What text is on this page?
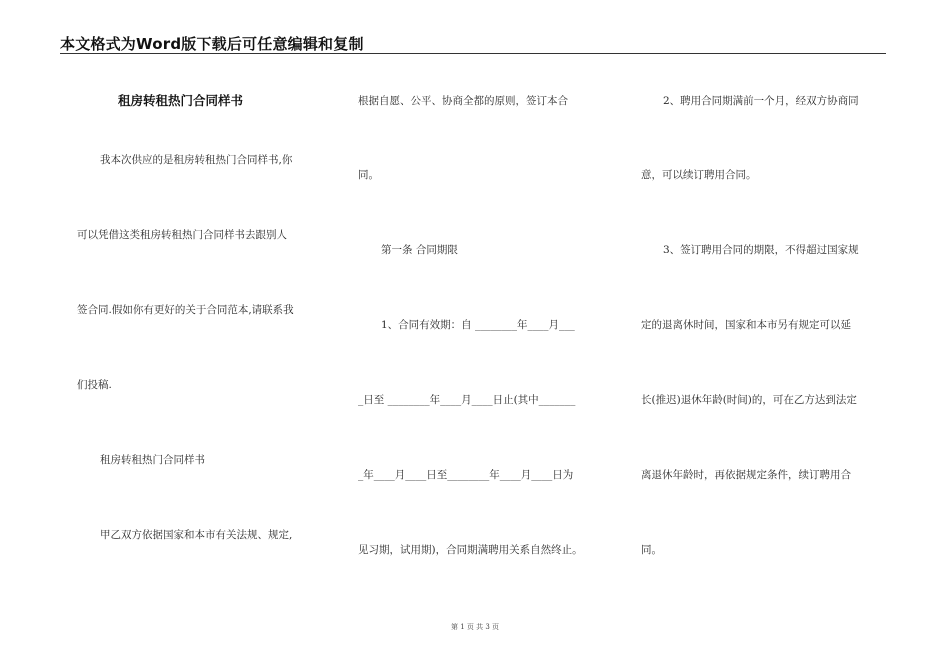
本文格式为Word版下载后可任意编辑和复制
租房转租热门合同样书
我本次供应的是租房转租热门合同样书,你
可以凭借这类租房转租热门合同样书去跟别人
签合同.假如你有更好的关于合同范本,请联系我
们投稿.
租房转租热门合同样书
甲乙双方依据国家和本市有关法规、规定,
根据自愿、公平、协商全都的原则，签订本合
同。
第一条 合同期限
1、合同有效期：自 ________年____月___
_日至 ________年____月____日止(其中_______
_年____月____日至________年____月____日为
见习期，试用期)，合同期满聘用关系自然终止。
2、聘用合同期满前一个月，经双方协商同
意，可以续订聘用合同。
3、签订聘用合同的期限，不得超过国家规
定的退离休时间，国家和本市另有规定可以延
长(推迟)退休年龄(时间)的，可在乙方达到法定
离退休年龄时，再依据规定条件，续订聘用合
同。
第 1 页 共 3 页
